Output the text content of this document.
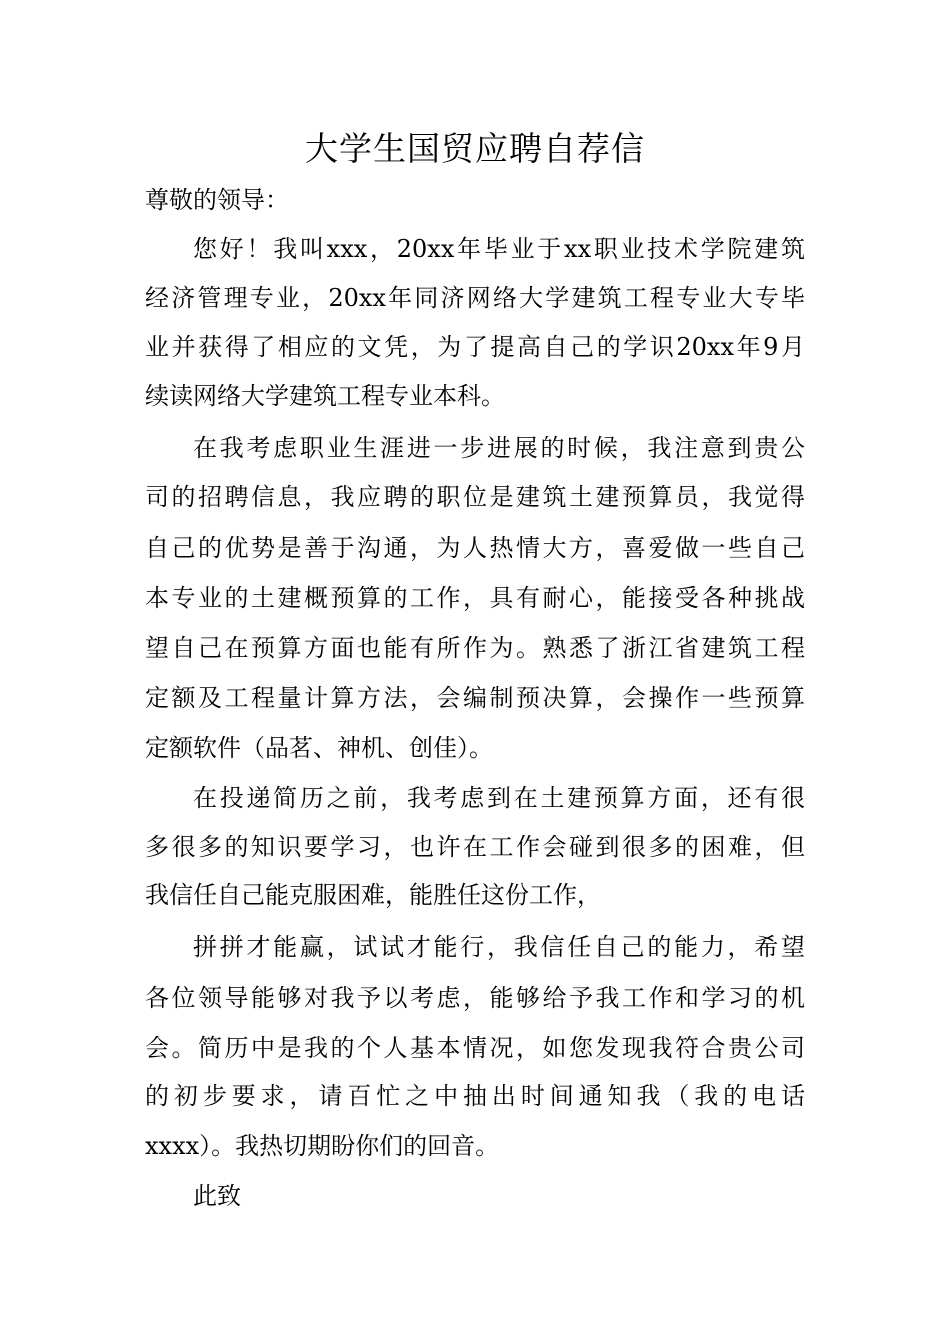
大学生国贸应聘自荐信
尊敬的领导：
您好！我叫xxx，20xx年毕业于xx职业技术学院建筑
经济管理专业，20xx年同济网络大学建筑工程专业大专毕
业并获得了相应的文凭，为了提高自己的学识20xx年9月
续读网络大学建筑工程专业本科。
在我考虑职业生涯进一步进展的时候，我注意到贵公
司的招聘信息，我应聘的职位是建筑土建预算员，我觉得
自己的优势是善于沟通，为人热情大方，喜爱做一些自己
本专业的土建概预算的工作，具有耐心，能接受各种挑战
望自己在预算方面也能有所作为。熟悉了浙江省建筑工程
定额及工程量计算方法，会编制预决算，会操作一些预算
定额软件（品茗、神机、创佳）。
在投递简历之前，我考虑到在土建预算方面，还有很
多很多的知识要学习，也许在工作会碰到很多的困难，但
我信任自己能克服困难，能胜任这份工作，
拼拼才能赢，试试才能行，我信任自己的能力，希望
各位领导能够对我予以考虑，能够给予我工作和学习的机
会。简历中是我的个人基本情况，如您发现我符合贵公司
的初步要求，请百忙之中抽出时间通知我（我的电话
xxxx）。我热切期盼你们的回音。
此致
